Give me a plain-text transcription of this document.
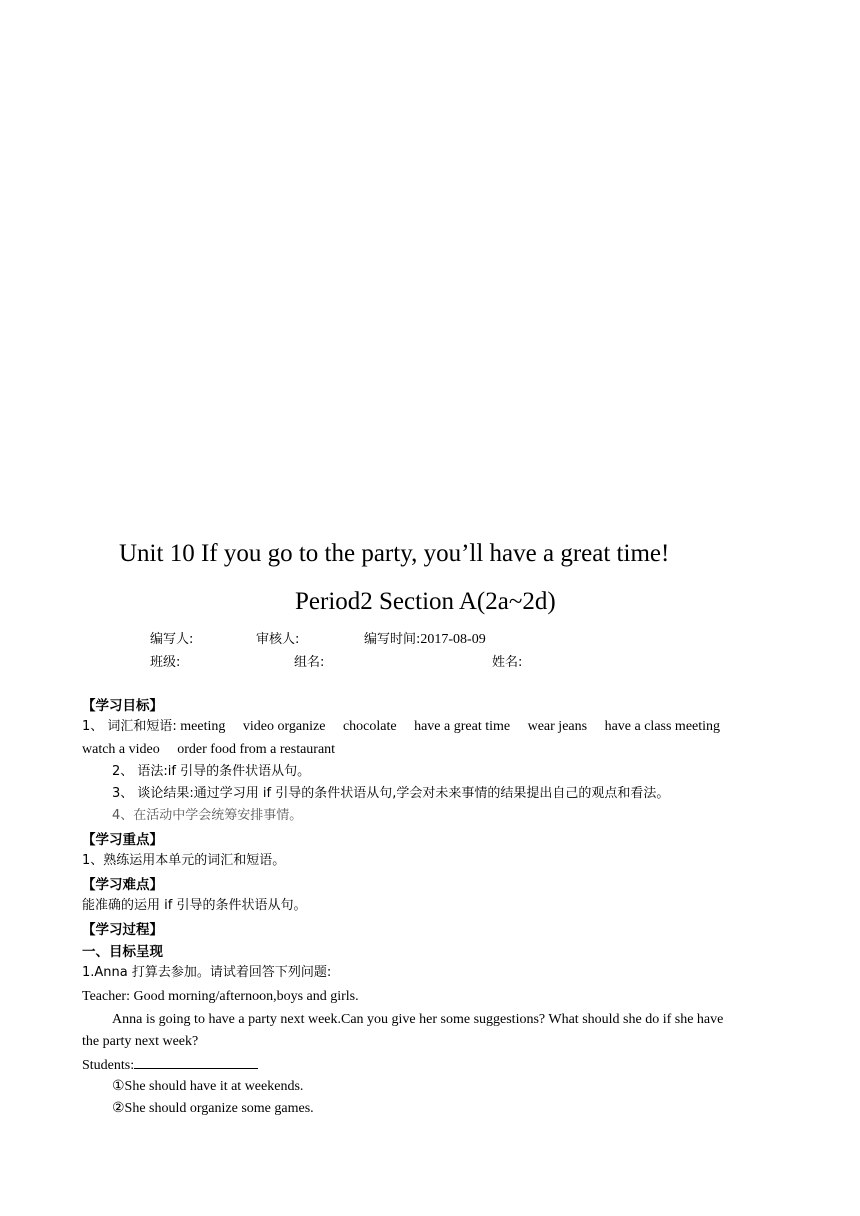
Unit 10 If you go to the party, you’ll have a great time!
Period2 Section A(2a~2d)
编写人:	审核人:	编写时间:2017-08-09
班级:	组名:	姓名:
【学习目标】
1、 词汇和短语: meeting video organize chocolate have a great time wear jeans have a class meeting
watch a video order food from a restaurant
2、 语法:if 引导的条件状语从句。
3、 谈论结果:通过学习用 if 引导的条件状语从句,学会对未来事情的结果提出自己的观点和看法。
4、在活动中学会统筹安排事情。
【学习重点】
1、熟练运用本单元的词汇和短语。
【学习难点】
能准确的运用 if 引导的条件状语从句。
【学习过程】
一、目标呈现
1.Anna 打算去参加。请试着回答下列问题:
Teacher: Good morning/afternoon,boys and girls.
Anna is going to have a party next week.Can you give her some suggestions? What should she do if she have
the party next week?
Students:
①She should have it at weekends.
②She should organize some games.
